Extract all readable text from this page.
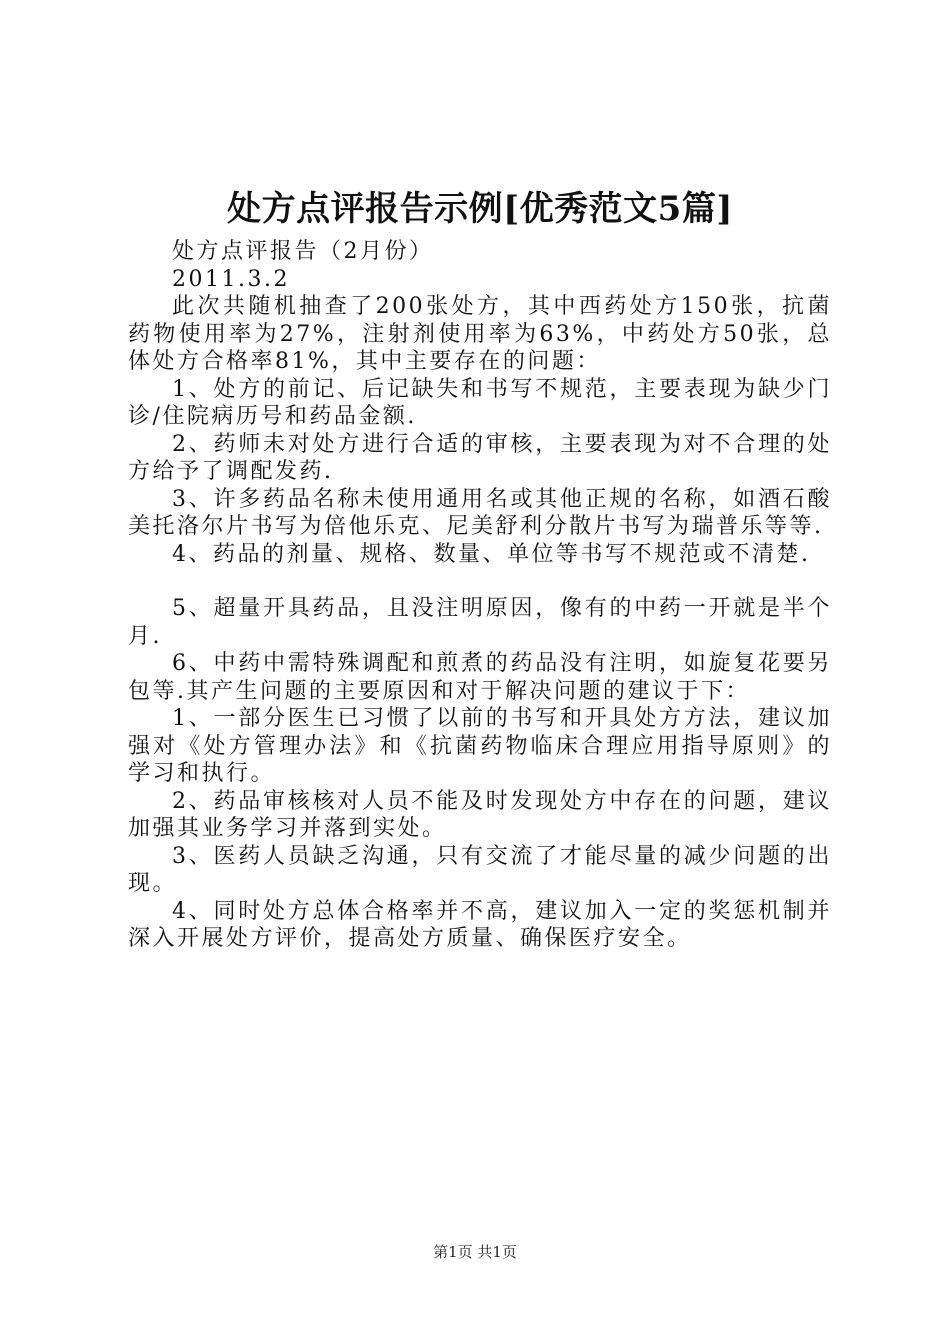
处方点评报告示例[优秀范文5篇]

处方点评报告（2月份）

2011.3.2

此次共随机抽查了200张处方，其中西药处方150张，抗菌药物使用率为27%，注射剂使用率为63%，中药处方50张，总体处方合格率81%，其中主要存在的问题：

1、处方的前记、后记缺失和书写不规范，主要表现为缺少门诊/住院病历号和药品金额.

2、药师未对处方进行合适的审核，主要表现为对不合理的处方给予了调配发药.

3、许多药品名称未使用通用名或其他正规的名称，如酒石酸美托洛尔片书写为倍他乐克、尼美舒利分散片书写为瑞普乐等等.

4、药品的剂量、规格、数量、单位等书写不规范或不清楚.

5、超量开具药品，且没注明原因，像有的中药一开就是半个月.

6、中药中需特殊调配和煎煮的药品没有注明，如旋复花要另包等.其产生问题的主要原因和对于解决问题的建议于下：

1、一部分医生已习惯了以前的书写和开具处方方法，建议加强对《处方管理办法》和《抗菌药物临床合理应用指导原则》的学习和执行。

2、药品审核核对人员不能及时发现处方中存在的问题，建议加强其业务学习并落到实处。

3、医药人员缺乏沟通，只有交流了才能尽量的减少问题的出现。

4、同时处方总体合格率并不高，建议加入一定的奖惩机制并深入开展处方评价，提高处方质量、确保医疗安全。

第1页 共1页
